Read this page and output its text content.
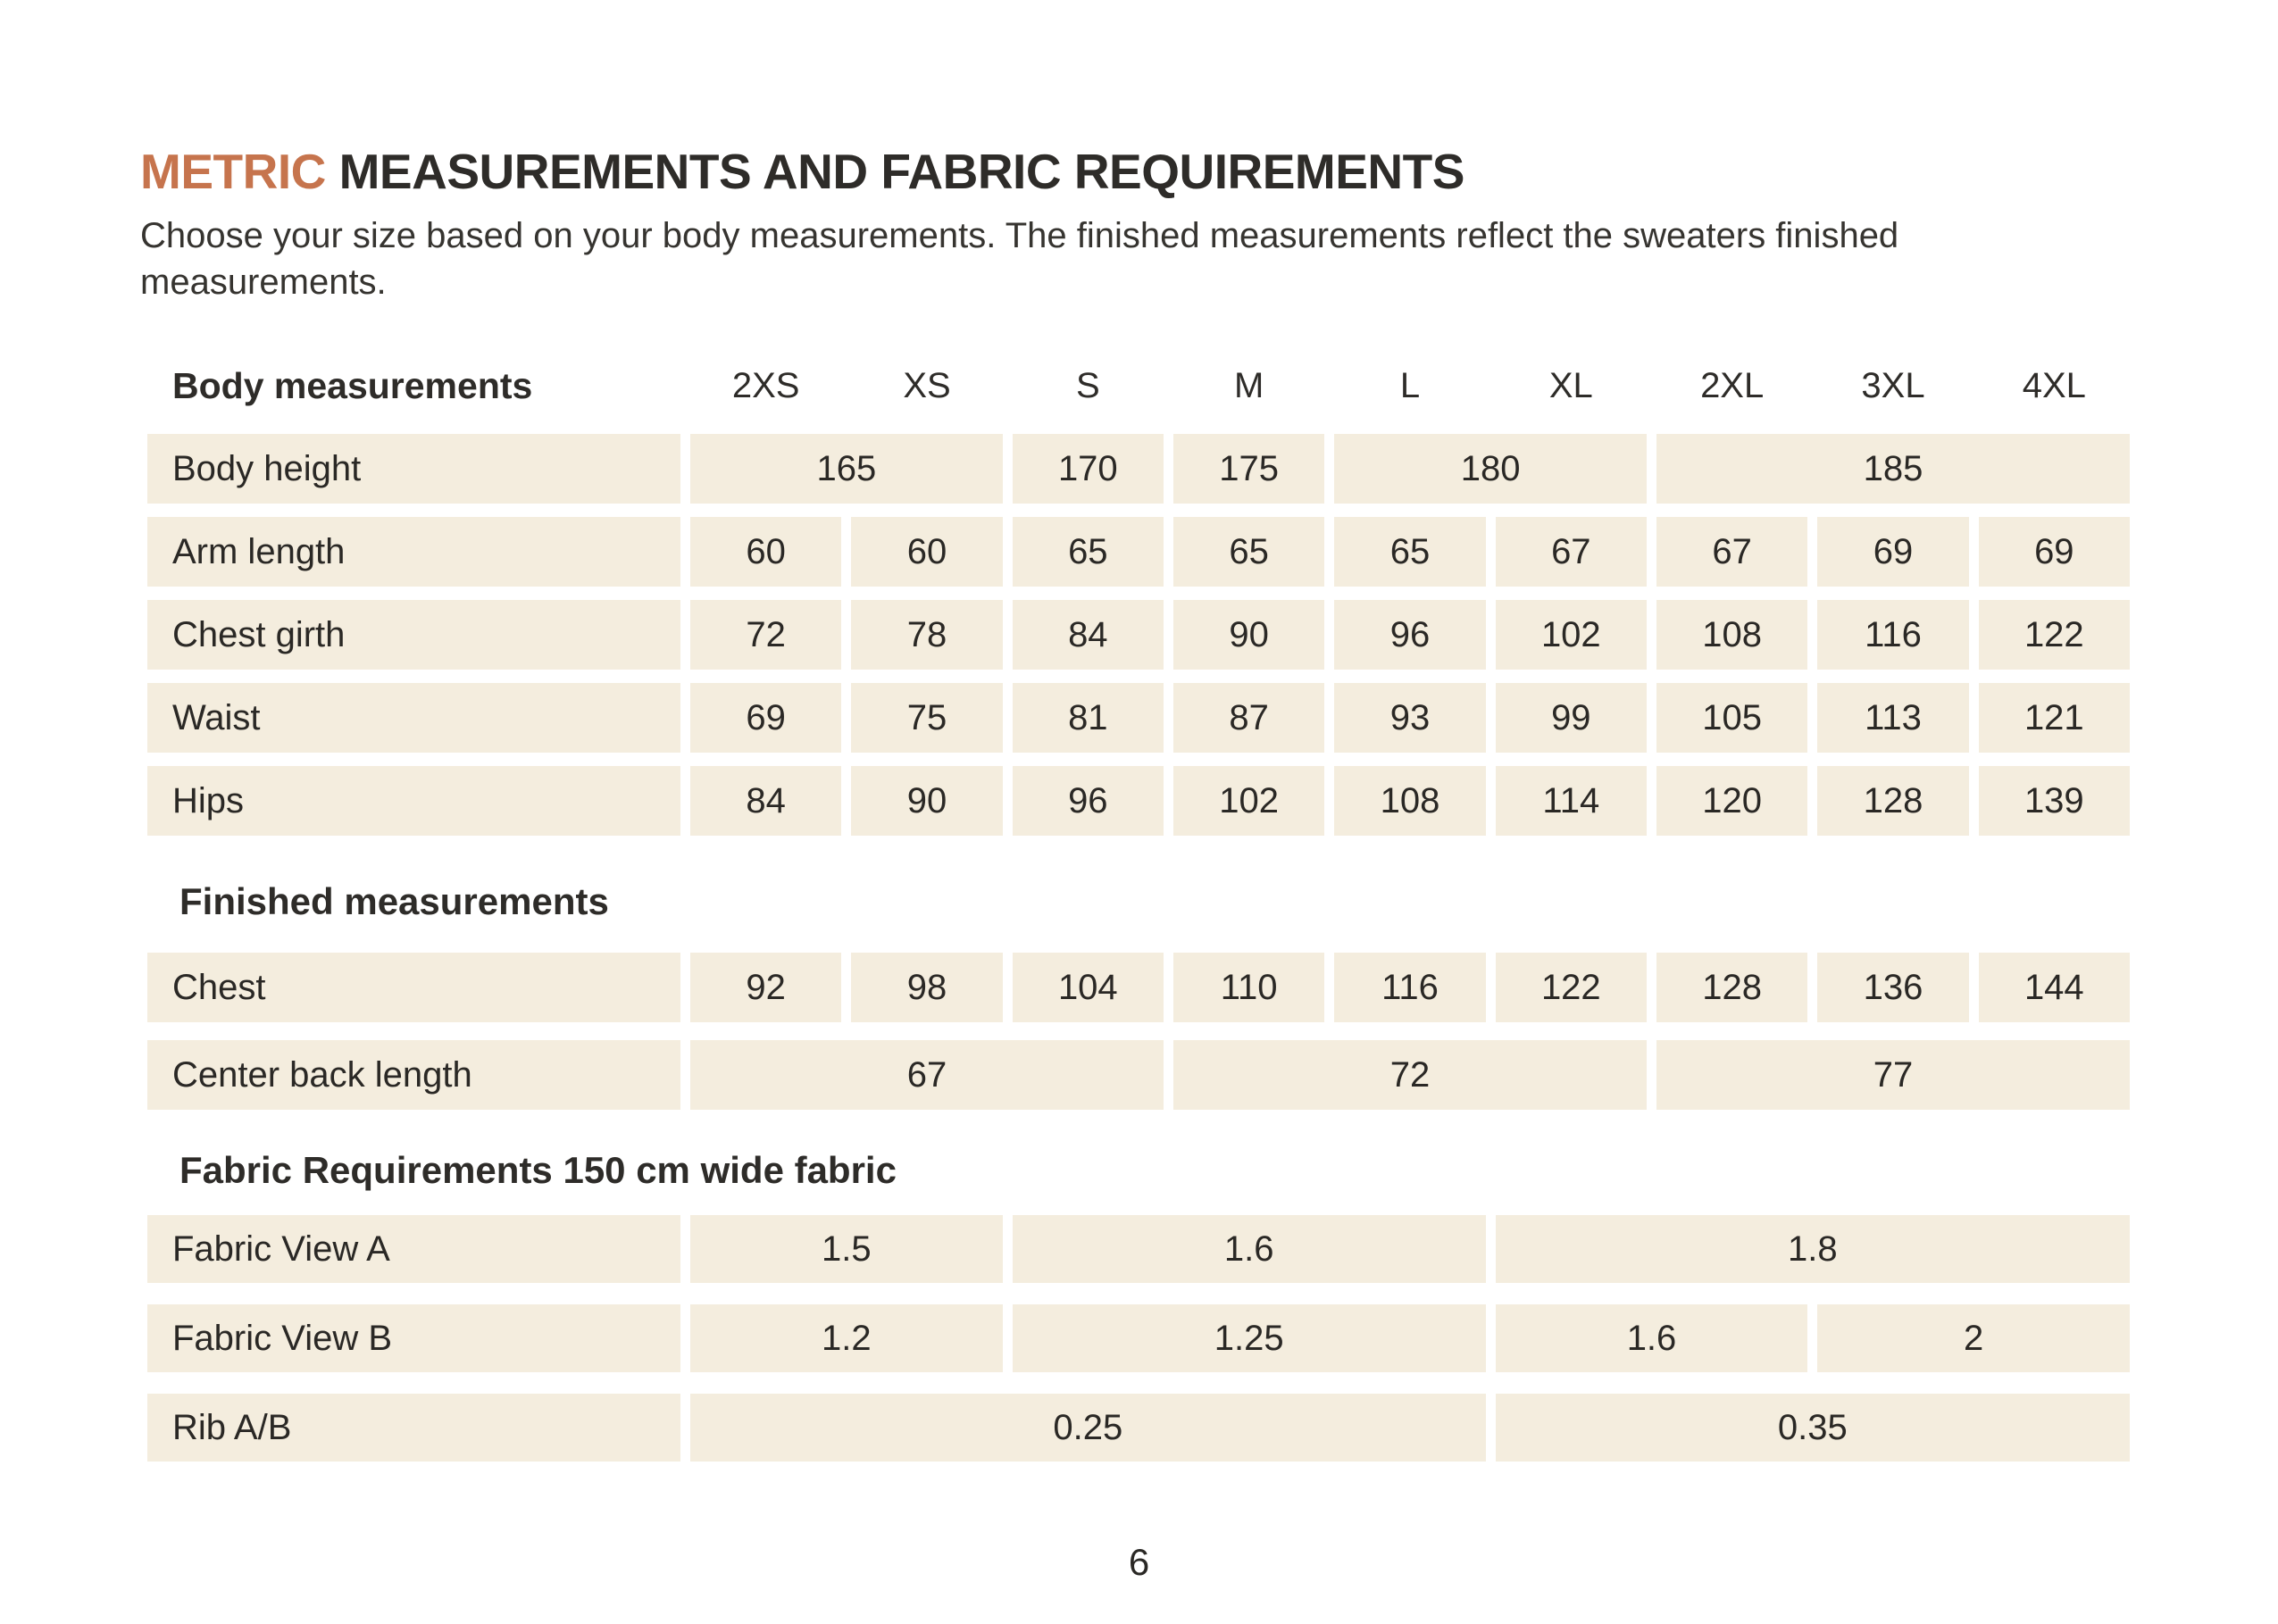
METRIC MEASUREMENTS AND FABRIC REQUIREMENTS
Choose your size based on your body measurements. The finished measurements reflect the sweaters finished
measurements.
Body measurements	2XS	XS	S	M	L	XL	2XL	3XL	4XL
Body height	165	170	175	180	185
Arm length	60	60	65	65	65	67	67	69	69
Chest girth	72	78	84	90	96	102	108	116	122
Waist	69	75	81	87	93	99	105	113	121
Hips	84	90	96	102	108	114	120	128	139
Finished measurements
Chest	92	98	104	110	116	122	128	136	144
Center back length	67	72	77
Fabric Requirements 150 cm wide fabric
Fabric View A	1.5	1.6	1.8
Fabric View B	1.2	1.25	1.6	2
Rib A/B	0.25	0.35
6
